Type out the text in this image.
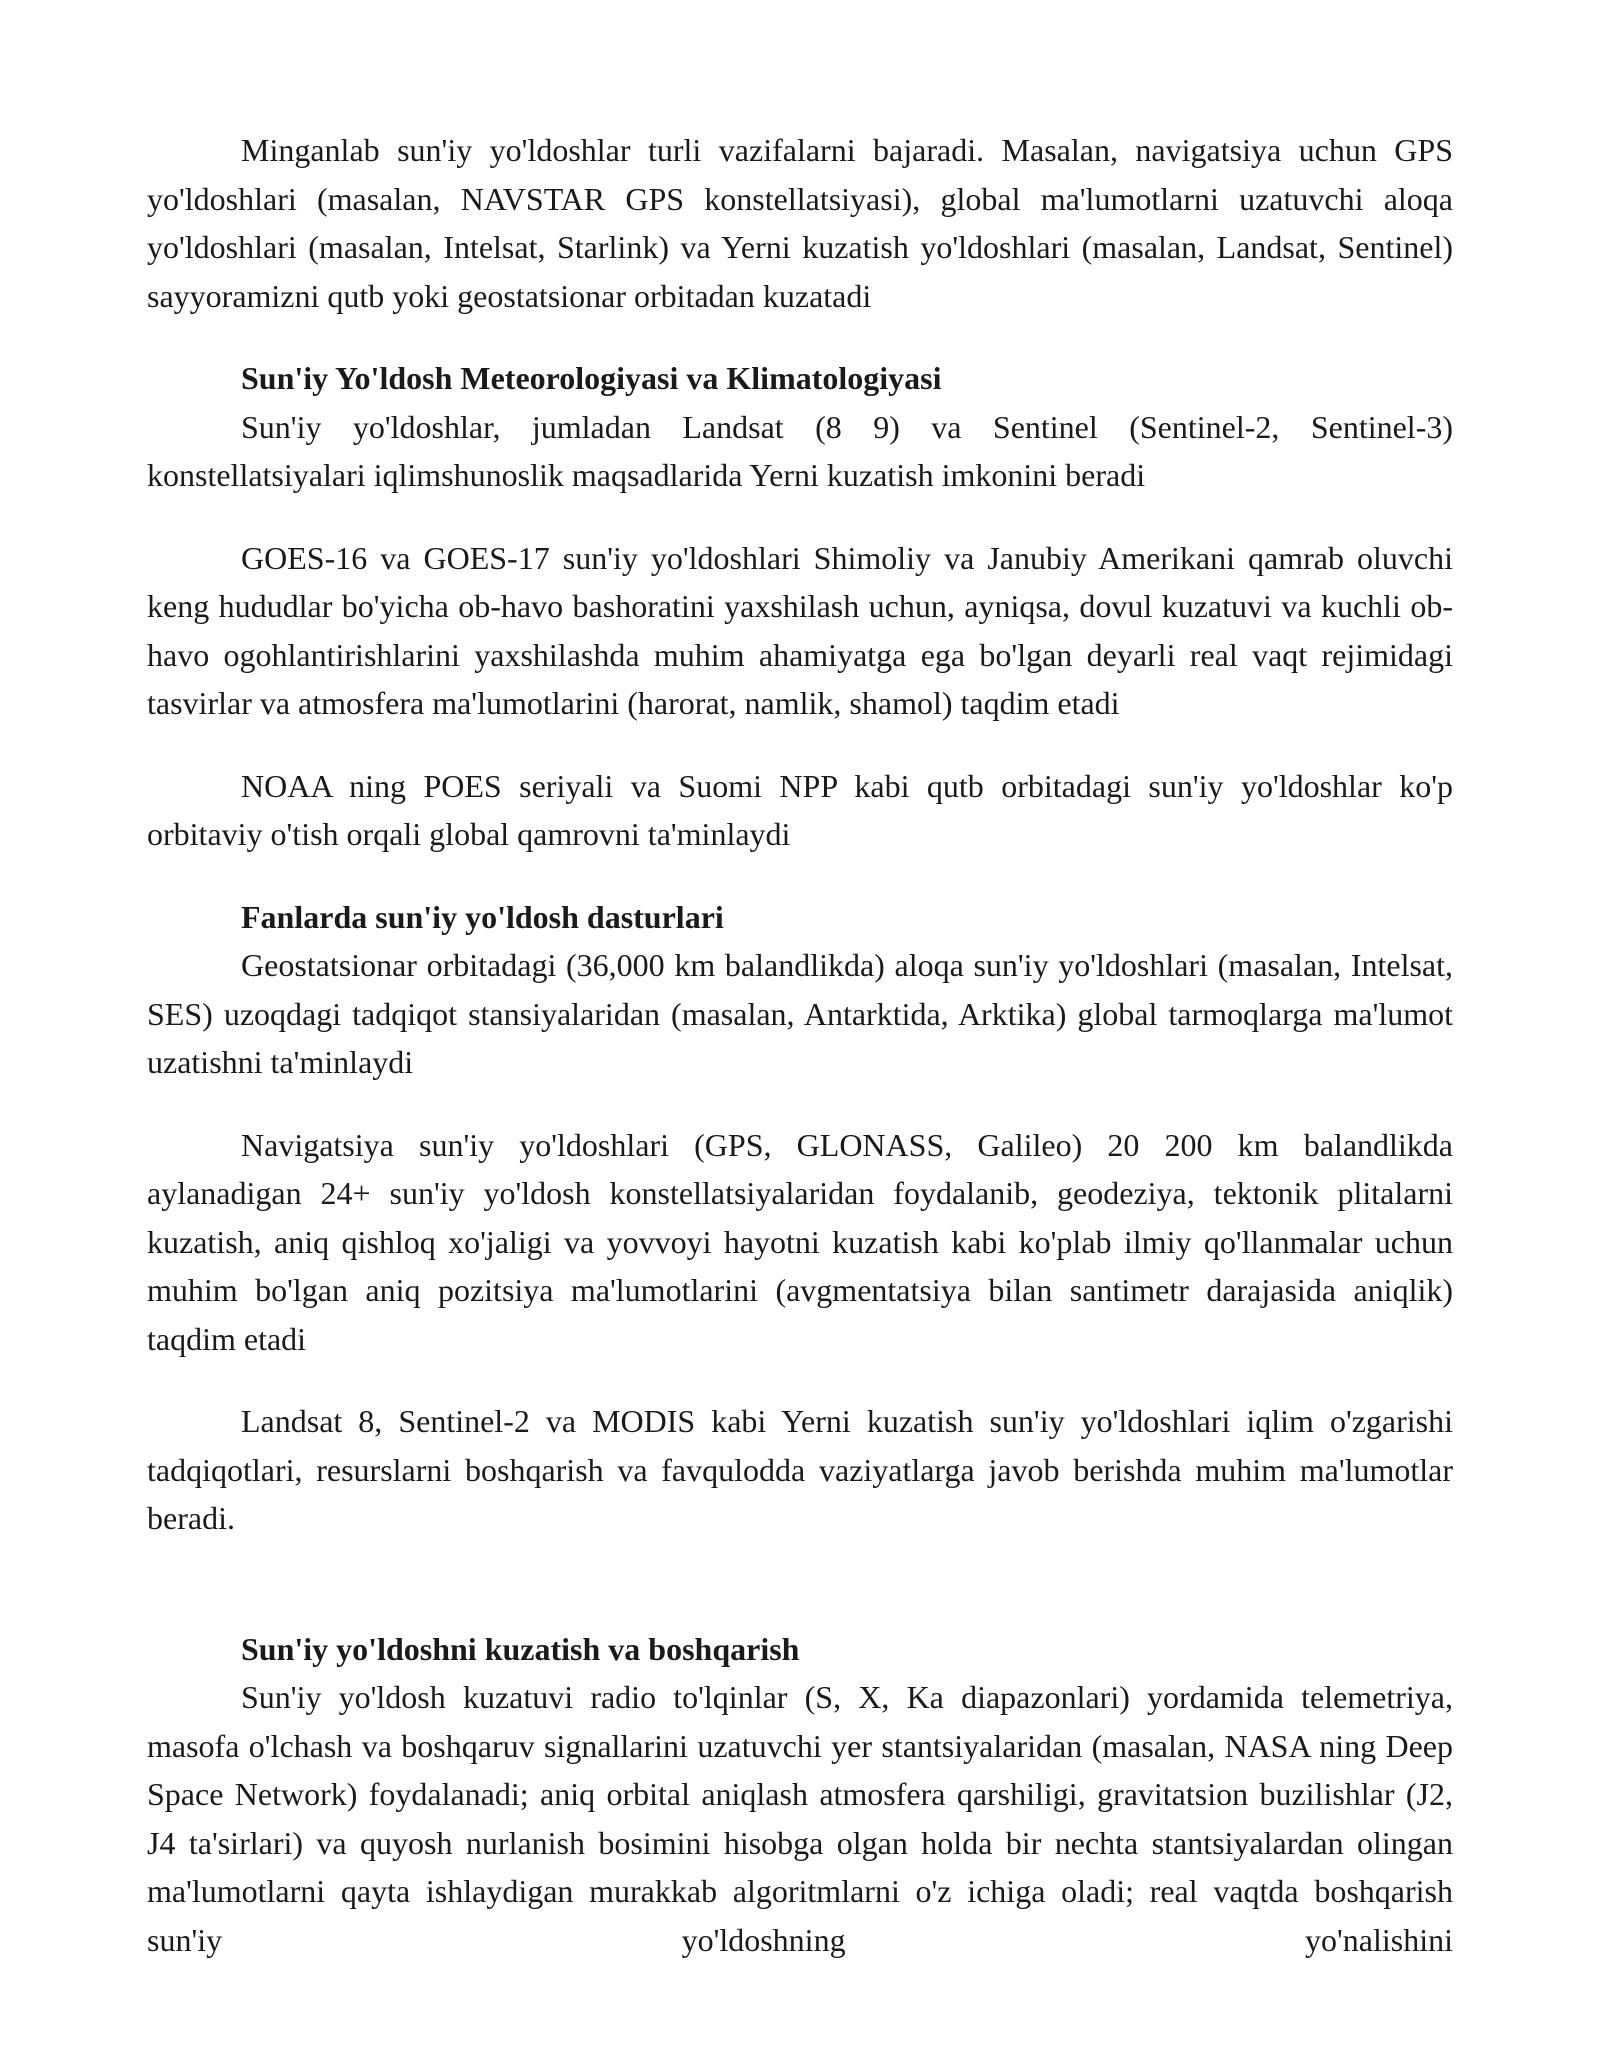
Minganlab sun'iy yo'ldoshlar turli vazifalarni bajaradi. Masalan, navigatsiya uchun GPS yo'ldoshlari (masalan, NAVSTAR GPS konstellatsiyasi), global ma'lumotlarni uzatuvchi aloqa yo'ldoshlari (masalan, Intelsat, Starlink) va Yerni kuzatish yo'ldoshlari (masalan, Landsat, Sentinel) sayyoramizni qutb yoki geostatsionar orbitadan kuzatadi

Sun'iy Yo'ldosh Meteorologiyasi va Klimatologiyasi

Sun'iy yo'ldoshlar, jumladan Landsat (8 9) va Sentinel (Sentinel-2, Sentinel-3) konstellatsiyalari iqlimshunoslik maqsadlarida Yerni kuzatish imkonini beradi

GOES-16 va GOES-17 sun'iy yo'ldoshlari Shimoliy va Janubiy Amerikani qamrab oluvchi keng hududlar bo'yicha ob-havo bashoratini yaxshilash uchun, ayniqsa, dovul kuzatuvi va kuchli ob-havo ogohlantirishlarini yaxshilashda muhim ahamiyatga ega bo'lgan deyarli real vaqt rejimidagi tasvirlar va atmosfera ma'lumotlarini (harorat, namlik, shamol) taqdim etadi

NOAA ning POES seriyali va Suomi NPP kabi qutb orbitadagi sun'iy yo'ldoshlar ko'p orbitaviy o'tish orqali global qamrovni ta'minlaydi

Fanlarda sun'iy yo'ldosh dasturlari

Geostatsionar orbitadagi (36,000 km balandlikda) aloqa sun'iy yo'ldoshlari (masalan, Intelsat, SES) uzoqdagi tadqiqot stansiyalaridan (masalan, Antarktida, Arktika) global tarmoqlarga ma'lumot uzatishni ta'minlaydi

Navigatsiya sun'iy yo'ldoshlari (GPS, GLONASS, Galileo) 20 200 km balandlikda aylanadigan 24+ sun'iy yo'ldosh konstellatsiyalaridan foydalanib, geodeziya, tektonik plitalarni kuzatish, aniq qishloq xo'jaligi va yovvoyi hayotni kuzatish kabi ko'plab ilmiy qo'llanmalar uchun muhim bo'lgan aniq pozitsiya ma'lumotlarini (avgmentatsiya bilan santimetr darajasida aniqlik) taqdim etadi

Landsat 8, Sentinel-2 va MODIS kabi Yerni kuzatish sun'iy yo'ldoshlari iqlim o'zgarishi tadqiqotlari, resurslarni boshqarish va favqulodda vaziyatlarga javob berishda muhim ma'lumotlar beradi.

Sun'iy yo'ldoshni kuzatish va boshqarish

Sun'iy yo'ldosh kuzatuvi radio to'lqinlar (S, X, Ka diapazonlari) yordamida telemetriya, masofa o'lchash va boshqaruv signallarini uzatuvchi yer stantsiyalaridan (masalan, NASA ning Deep Space Network) foydalanadi; aniq orbital aniqlash atmosfera qarshiligi, gravitatsion buzilishlar (J2, J4 ta'sirlari) va quyosh nurlanish bosimini hisobga olgan holda bir nechta stantsiyalardan olingan ma'lumotlarni qayta ishlaydigan murakkab algoritmlarni o'z ichiga oladi; real vaqtda boshqarish sun'iy yo'ldoshning yo'nalishini
